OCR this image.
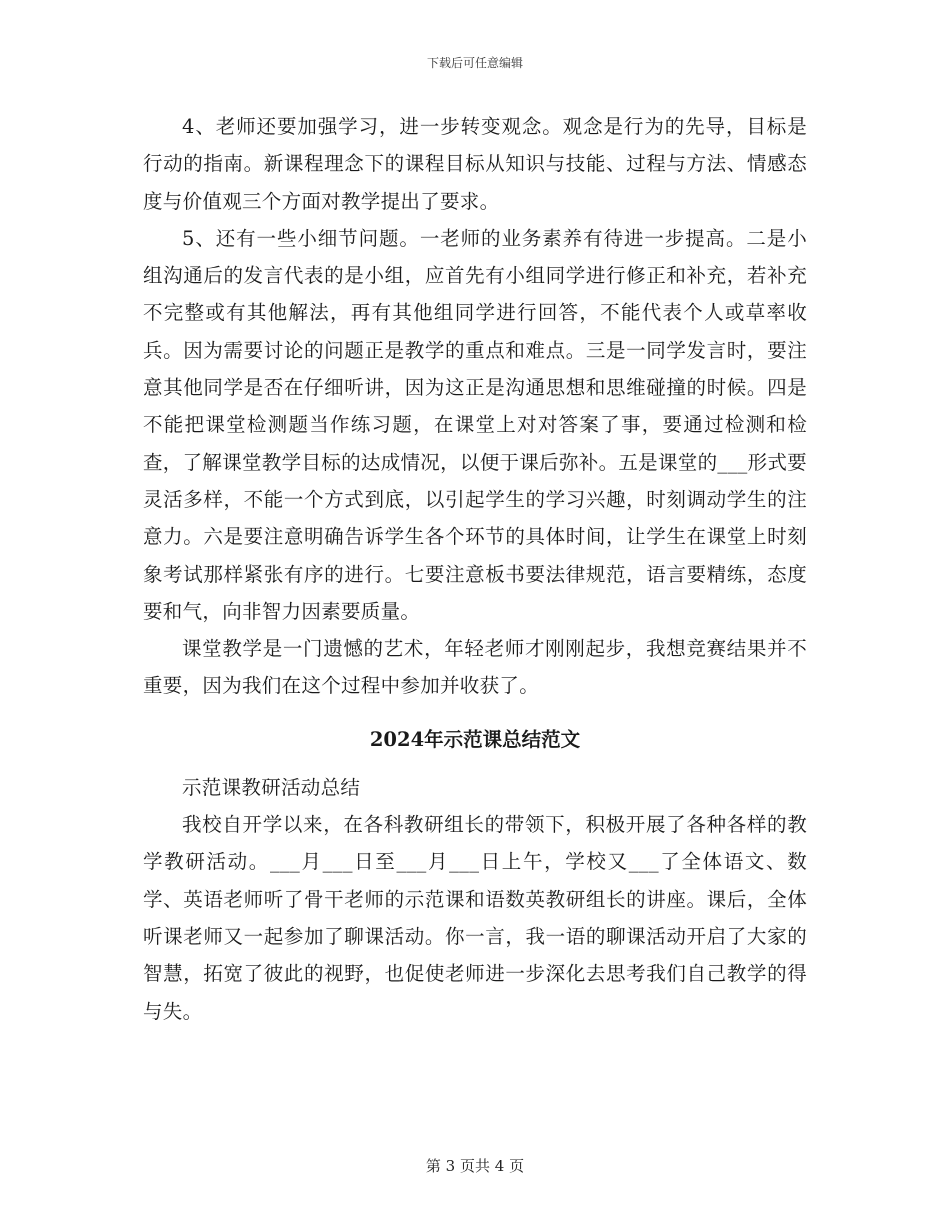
下载后可任意编辑

4、老师还要加强学习，进一步转变观念。观念是行为的先导，目标是行动的指南。新课程理念下的课程目标从知识与技能、过程与方法、情感态度与价值观三个方面对教学提出了要求。

5、还有一些小细节问题。一老师的业务素养有待进一步提高。二是小组沟通后的发言代表的是小组，应首先有小组同学进行修正和补充，若补充不完整或有其他解法，再有其他组同学进行回答，不能代表个人或草率收兵。因为需要讨论的问题正是教学的重点和难点。三是一同学发言时，要注意其他同学是否在仔细听讲，因为这正是沟通思想和思维碰撞的时候。四是不能把课堂检测题当作练习题，在课堂上对对答案了事，要通过检测和检查，了解课堂教学目标的达成情况，以便于课后弥补。五是课堂的___形式要灵活多样，不能一个方式到底，以引起学生的学习兴趣，时刻调动学生的注意力。六是要注意明确告诉学生各个环节的具体时间，让学生在课堂上时刻象考试那样紧张有序的进行。七要注意板书要法律规范，语言要精练，态度要和气，向非智力因素要质量。

课堂教学是一门遗憾的艺术，年轻老师才刚刚起步，我想竞赛结果并不重要，因为我们在这个过程中参加并收获了。

2024年示范课总结范文

示范课教研活动总结

我校自开学以来，在各科教研组长的带领下，积极开展了各种各样的教学教研活动。___月___日至___月___日上午，学校又___了全体语文、数学、英语老师听了骨干老师的示范课和语数英教研组长的讲座。课后，全体听课老师又一起参加了聊课活动。你一言，我一语的聊课活动开启了大家的智慧，拓宽了彼此的视野，也促使老师进一步深化去思考我们自己教学的得与失。

第 3 页共 4 页
